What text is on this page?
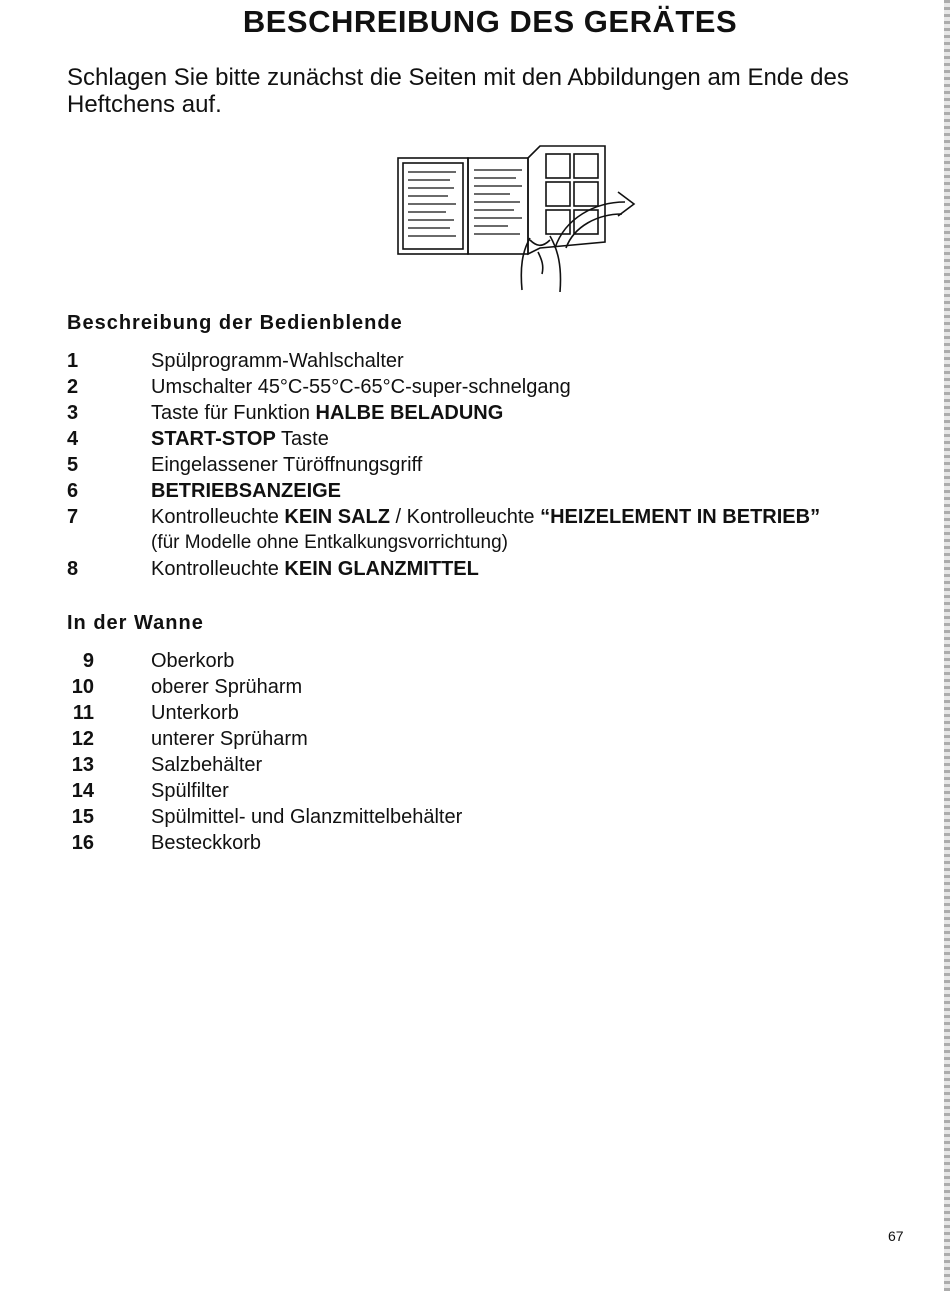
BESCHREIBUNG DES GERÄTES

Schlagen Sie bitte zunächst die Seiten mit den Abbildungen am Ende des Heftchens auf.

Beschreibung der Bedienblende
1	Spülprogramm-Wahlschalter
2	Umschalter 45°C-55°C-65°C-super-schnelgang
3	Taste für Funktion HALBE BELADUNG
4	START-STOP Taste
5	Eingelassener Türöffnungsgriff
6	BETRIEBSANZEIGE
7	Kontrolleuchte KEIN SALZ / Kontrolleuchte “HEIZELEMENT IN BETRIEB”
(für Modelle ohne Entkalkungsvorrichtung)
8	Kontrolleuchte KEIN GLANZMITTEL
In der Wanne
9	Oberkorb
10	oberer Sprüharm
11	Unterkorb
12	unterer Sprüharm
13	Salzbehälter
14	Spülfilter
15	Spülmittel- und Glanzmittelbehälter
16	Besteckkorb
67
